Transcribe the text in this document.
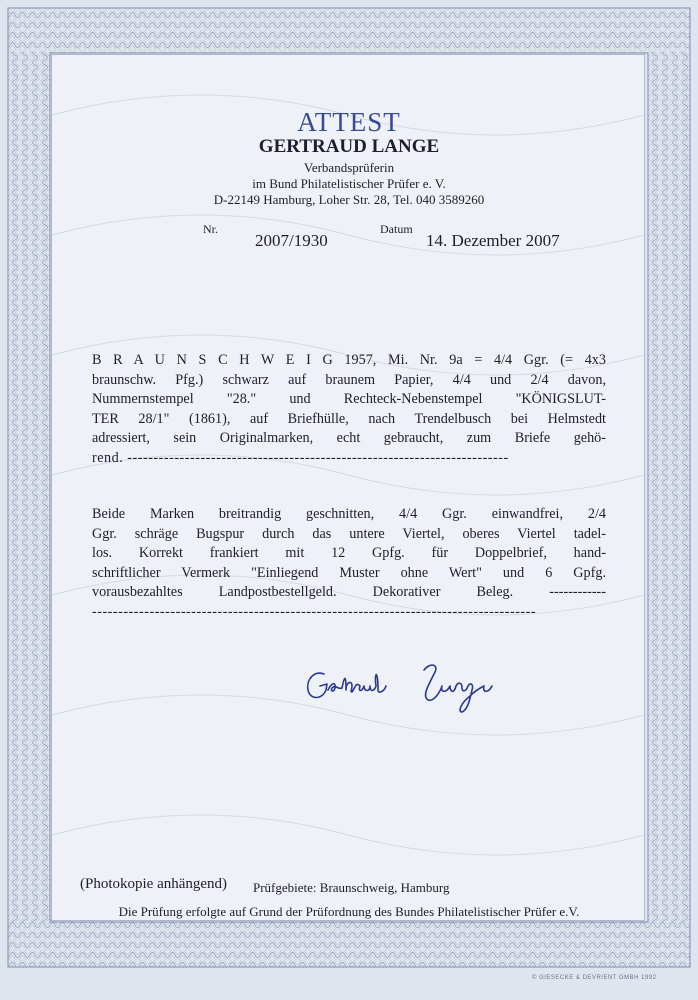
ATTEST
GERTRAUD LANGE
Verbandsprüferin
im Bund Philatelistischer Prüfer e. V.
D-22149 Hamburg, Loher Str. 28, Tel. 040 3589260
Nr.
2007/1930
Datum
14. Dezember 2007
B R A U N S C H W E I G 1957, Mi. Nr. 9a = 4/4 Ggr. (= 4x3
braunschw. Pfg.) schwarz auf braunem Papier, 4/4 und 2/4 davon,
Nummernstempel "28." und Rechteck-Nebenstempel "KÖNIGSLUT-
TER 28/1" (1861), auf Briefhülle, nach Trendelbusch bei Helmstedt
adressiert, sein Originalmarken, echt gebraucht, zum Briefe gehö-
rend. -------------------------------------------------------------------------
Beide Marken breitrandig geschnitten, 4/4 Ggr. einwandfrei, 2/4
Ggr. schräge Bugspur durch das untere Viertel, oberes Viertel tadel-
los. Korrekt frankiert mit 12 Gpfg. für Doppelbrief, hand-
schriftlicher Vermerk "Einliegend Muster ohne Wert" und 6 Gpfg.
vorausbezahltes Landpostbestellgeld. Dekorativer Beleg. ------------
-------------------------------------------------------------------------------------
(Photokopie anhängend) Prüfgebiete: Braunschweig, Hamburg
Die Prüfung erfolgte auf Grund der Prüfordnung des Bundes Philatelistischer Prüfer e.V.
© GIESECKE & DEVRIENT GMBH 1992
